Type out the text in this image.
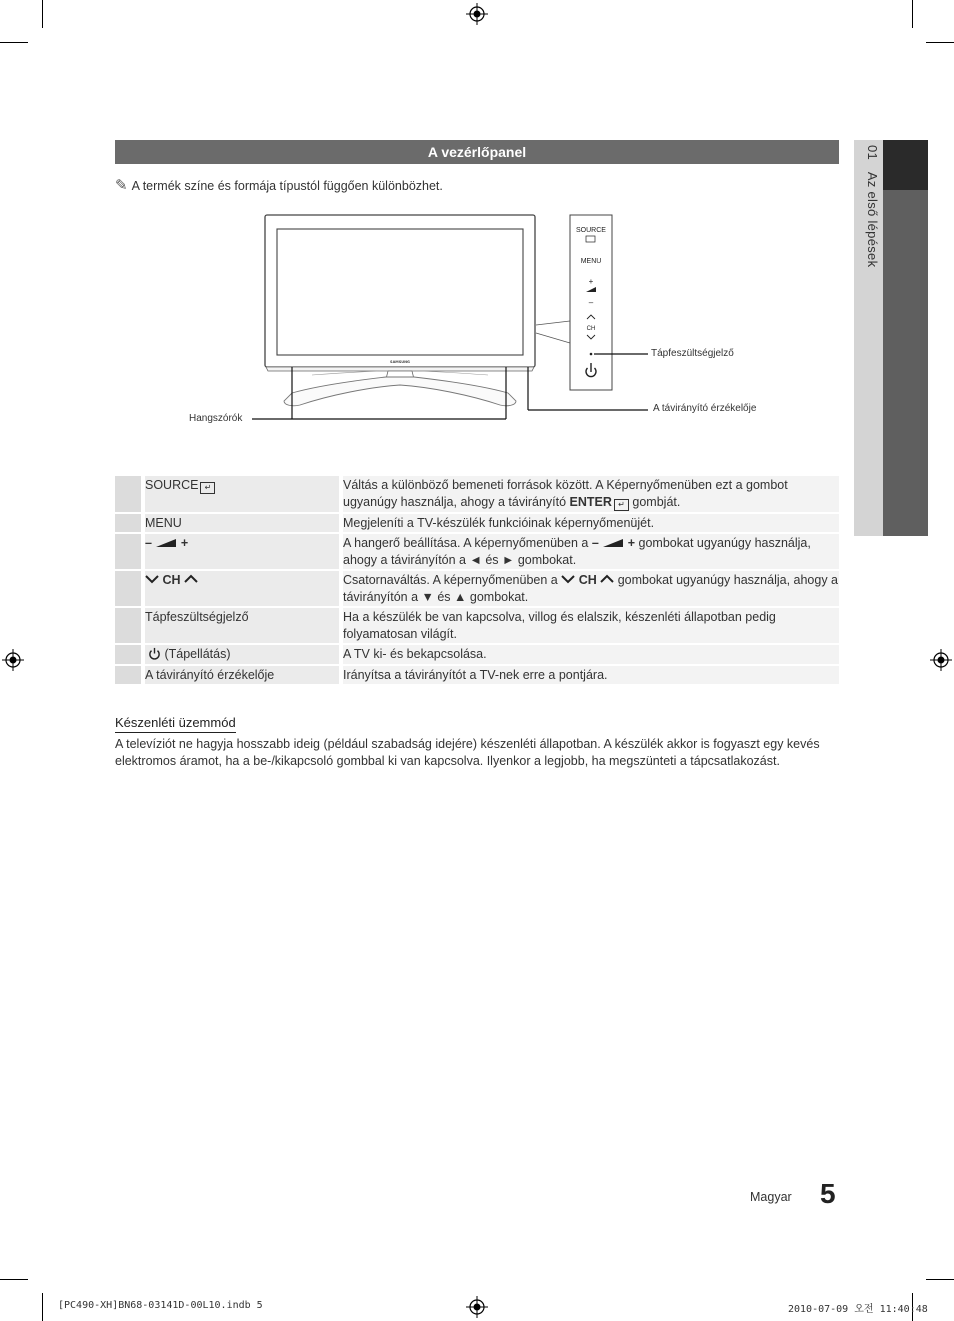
01   Az első lépések
A vezérlőpanel
✎ A termék színe és formája típustól függően különbözhet.
SAMSUNG
SOURCE
MENU
+
–
CH
Tápfeszültségjelző
A távirányító érzékelője
Hangszórók
SOURCE ↵	Váltás a különböző bemeneti források között. A Képernyőmenüben ezt a gombot ugyanúgy használja, ahogy a távirányító ENTER ↵ gombját.
MENU	Megjeleníti a TV-készülék funkcióinak képernyőmenüjét.
– +	A hangerő beállítása. A képernyőmenüben a – + gombokat ugyanúgy használja, ahogy a távirányítón a ◄ és ► gombokat.
CH	Csatornaváltás. A képernyőmenüben a  CH  gombokat ugyanúgy használja, ahogy a távirányítón a ▼ és ▲ gombokat.
Tápfeszültségjelző	Ha a készülék be van kapcsolva, villog és elalszik, készenléti állapotban pedig folyamatosan világít.
(Tápellátás)	A TV ki- és bekapcsolása.
A távirányító érzékelője	Irányítsa a távirányítót a TV-nek erre a pontjára.
Készenléti üzemmód
A televíziót ne hagyja hosszabb ideig (például szabadság idejére) készenléti állapotban. A készülék akkor is fogyaszt egy kevés elektromos áramot, ha a be-/kikapcsoló gombbal ki van kapcsolva. Ilyenkor a legjobb, ha megszünteti a tápcsatlakozást.
Magyar 5
[PC490-XH]BN68-03141D-00L10.indb 5	2010-07-09 오전 11:40:48
